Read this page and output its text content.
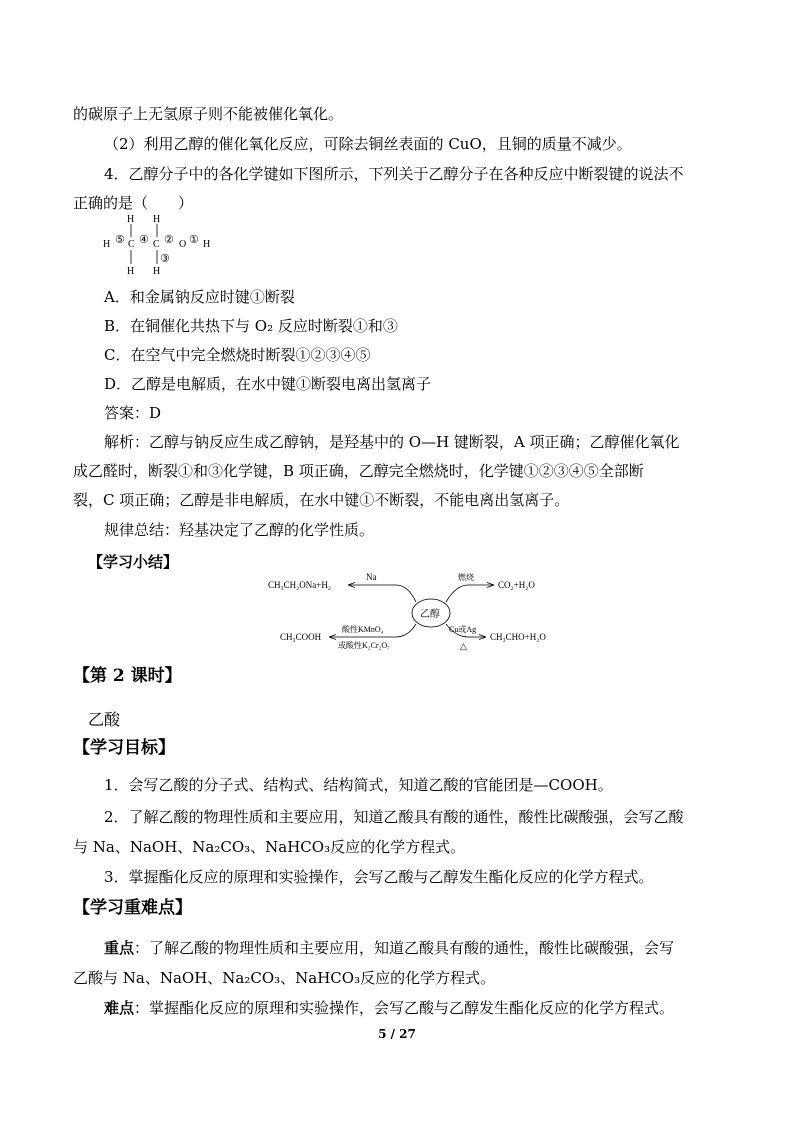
的碳原子上无氢原子则不能被催化氧化。
（2）利用乙醇的催化氧化反应，可除去铜丝表面的 CuO，且铜的质量不减少。
4．乙醇分子中的各化学键如下图所示，下列关于乙醇分子在各种反应中断裂键的说法不
正确的是（　　）
H H
H ⑤ C ④ C ② O ① H
③
H H
A．和金属钠反应时键①断裂
B．在铜催化共热下与 O₂ 反应时断裂①和③
C．在空气中完全燃烧时断裂①②③④⑤
D．乙醇是电解质，在水中键①断裂电离出氢离子
答案：D
解析：乙醇与钠反应生成乙醇钠，是羟基中的 O—H 键断裂，A 项正确；乙醇催化氧化
成乙醛时，断裂①和③化学键，B 项正确，乙醇完全燃烧时，化学键①②③④⑤全部断
裂，C 项正确；乙醇是非电解质，在水中键①不断裂，不能电离出氢离子。
规律总结：羟基决定了乙醇的化学性质。
【学习小结】
乙醇
CH₃CH₂ONa+H₂
Na	燃烧
CO₂+H₂O
CH₃COOH
酸性KMnO₄
或酸性K₂Cr₂O₇
Cu或Ag
△
CH₃CHO+H₂O
【第 2 课时】
乙酸
【学习目标】
1．会写乙酸的分子式、结构式、结构简式，知道乙酸的官能团是—COOH。
2．了解乙酸的物理性质和主要应用，知道乙酸具有酸的通性，酸性比碳酸强，会写乙酸
与 Na、NaOH、Na₂CO₃、NaHCO₃反应的化学方程式。
3．掌握酯化反应的原理和实验操作，会写乙酸与乙醇发生酯化反应的化学方程式。
【学习重难点】
重点：了解乙酸的物理性质和主要应用，知道乙酸具有酸的通性，酸性比碳酸强，会写
乙酸与 Na、NaOH、Na₂CO₃、NaHCO₃反应的化学方程式。
难点：掌握酯化反应的原理和实验操作，会写乙酸与乙醇发生酯化反应的化学方程式。
5 / 27
